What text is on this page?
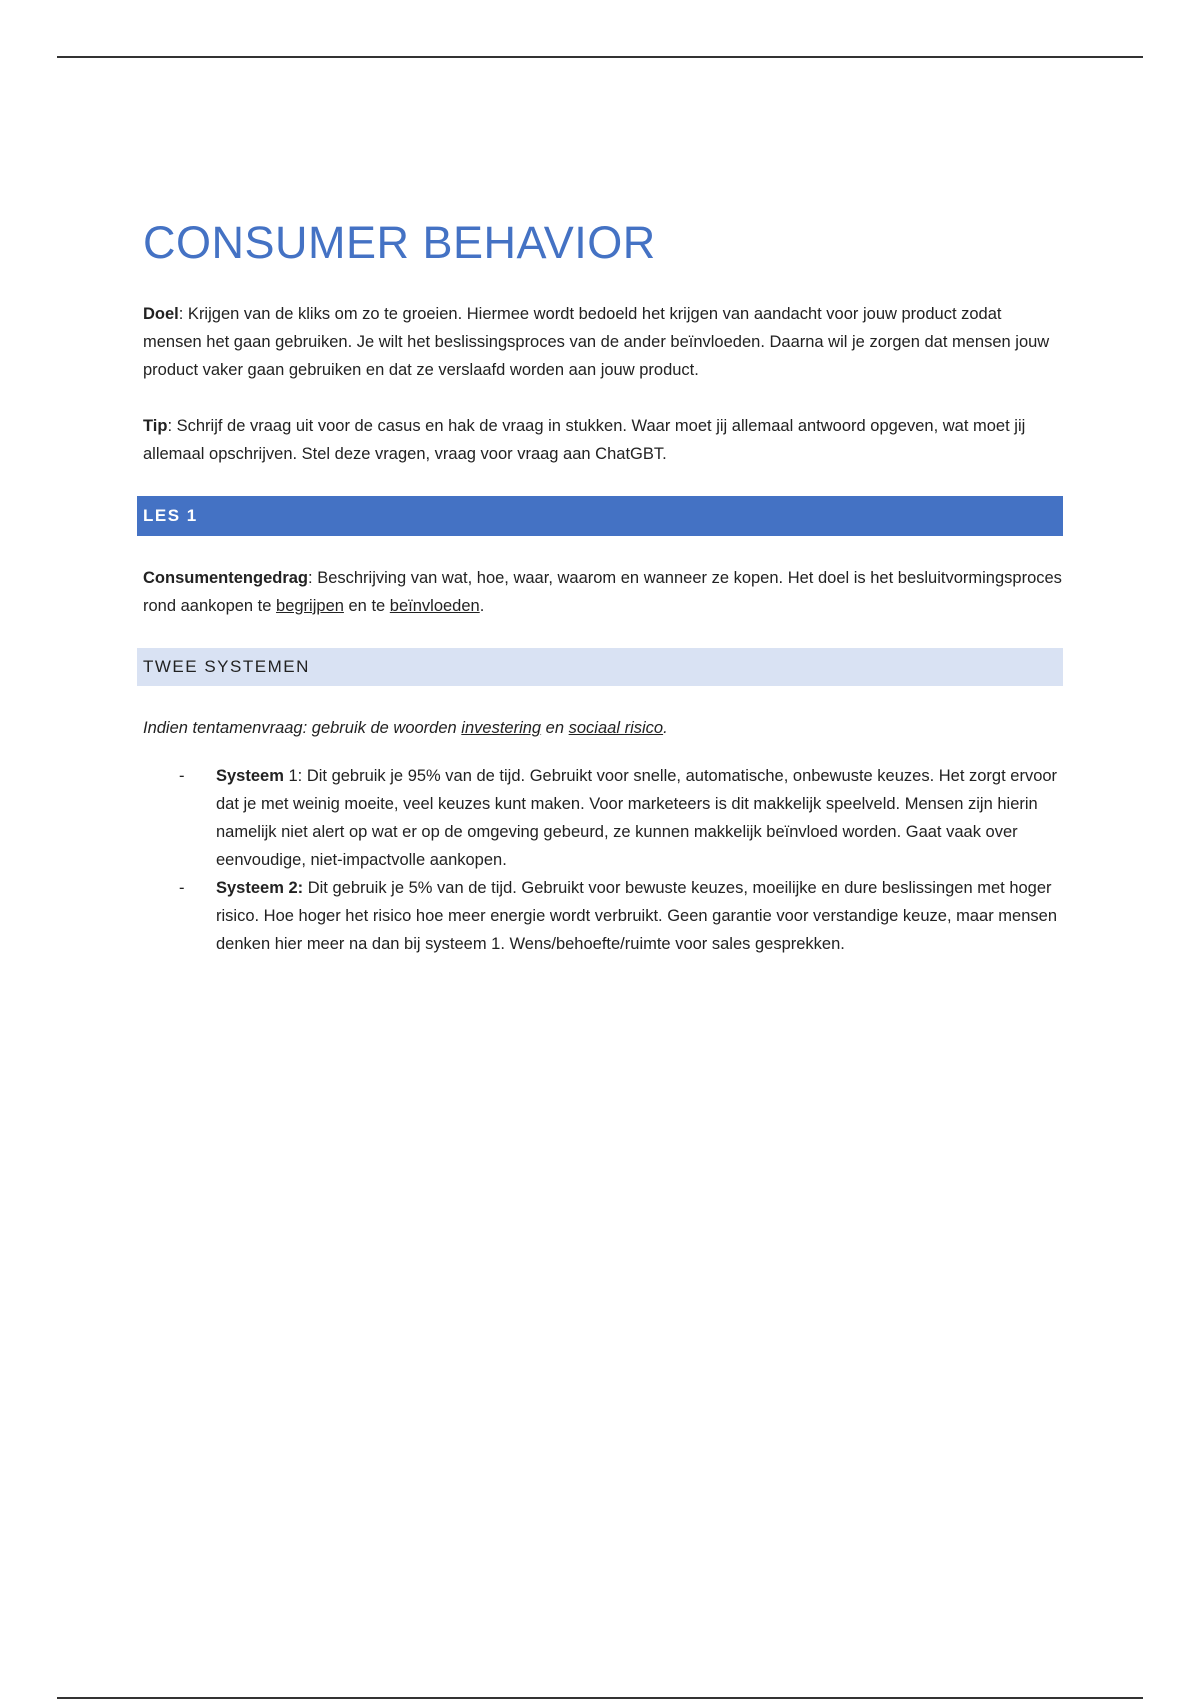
CONSUMER BEHAVIOR

Doel: Krijgen van de kliks om zo te groeien. Hiermee wordt bedoeld het krijgen van aandacht voor jouw product zodat mensen het gaan gebruiken. Je wilt het beslissingsproces van de ander beïnvloeden. Daarna wil je zorgen dat mensen jouw product vaker gaan gebruiken en dat ze verslaafd worden aan jouw product.

Tip: Schrijf de vraag uit voor de casus en hak de vraag in stukken. Waar moet jij allemaal antwoord opgeven, wat moet jij allemaal opschrijven. Stel deze vragen, vraag voor vraag aan ChatGBT.

LES 1

Consumentengedrag: Beschrijving van wat, hoe, waar, waarom en wanneer ze kopen. Het doel is het besluitvormingsproces rond aankopen te begrijpen en te beïnvloeden.

TWEE SYSTEMEN

Indien tentamenvraag: gebruik de woorden investering en sociaal risico.

- Systeem 1: Dit gebruik je 95% van de tijd. Gebruikt voor snelle, automatische, onbewuste keuzes. Het zorgt ervoor dat je met weinig moeite, veel keuzes kunt maken. Voor marketeers is dit makkelijk speelveld. Mensen zijn hierin namelijk niet alert op wat er op de omgeving gebeurd, ze kunnen makkelijk beïnvloed worden. Gaat vaak over eenvoudige, niet-impactvolle aankopen.
- Systeem 2: Dit gebruik je 5% van de tijd. Gebruikt voor bewuste keuzes, moeilijke en dure beslissingen met hoger risico. Hoe hoger het risico hoe meer energie wordt verbruikt. Geen garantie voor verstandige keuze, maar mensen denken hier meer na dan bij systeem 1. Wens/behoefte/ruimte voor sales gesprekken.
